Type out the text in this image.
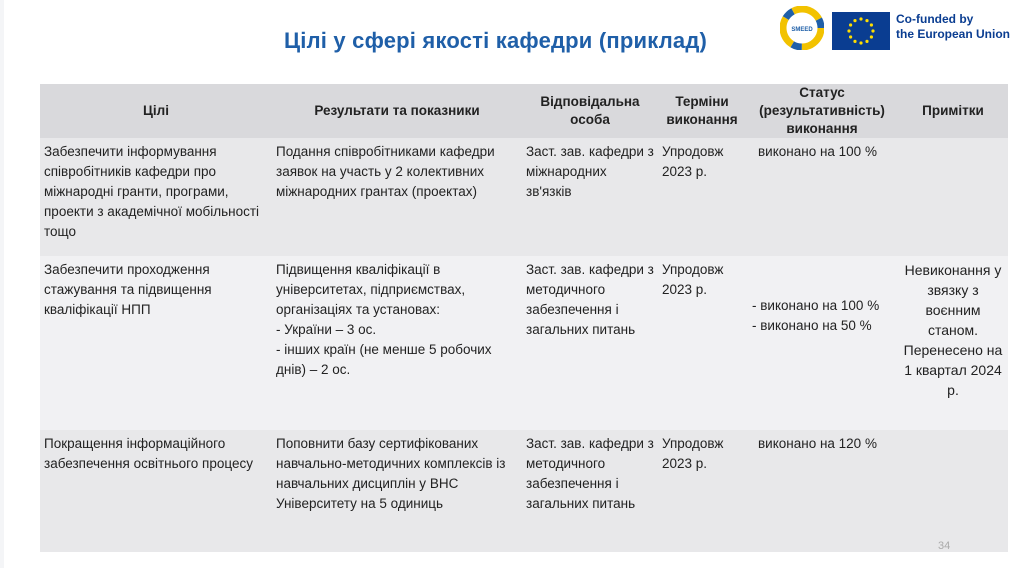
Цілі у сфері якості кафедри (приклад)	SMEED
Co-funded by
the European Union
Цілі	Результати та показники	Відповідальна особа	Терміни виконання	Статус (результативність) виконання	Примітки
Забезпечити інформування співробітників кафедри про міжнародні гранти, програми, проекти з академічної мобільності тощо	Подання співробітниками кафедри заявок на участь у 2 колективних міжнародних грантах (проектах)	Заст. зав. кафедри з міжнародних зв'язків	Упродовж 2023 р.	виконано на 100 %	

Забезпечити проходження стажування та підвищення кваліфікації НПП	Підвищення кваліфікації в університетах, підприємствах, організаціях та установах:
- України – 3 ос.
- інших країн (не менше 5 робочих днів) – 2 ос.	Заст. зав. кафедри з методичного забезпечення і загальних питань	Упродовж 2023 р.	- виконано на 100 %
- виконано на 50 %	Невиконання у звязку з воєнним станом. Перенесено на 1 квартал 2024 р.
Покращення інформаційного забезпечення освітнього процесу	Поповнити базу сертифікованих навчально-методичних комплексів із навчальних дисциплін у ВНС Університету на 5 одиниць	Заст. зав. кафедри з методичного забезпечення і загальних питань	Упродовж 2023 р.	виконано на 120 %	

34
